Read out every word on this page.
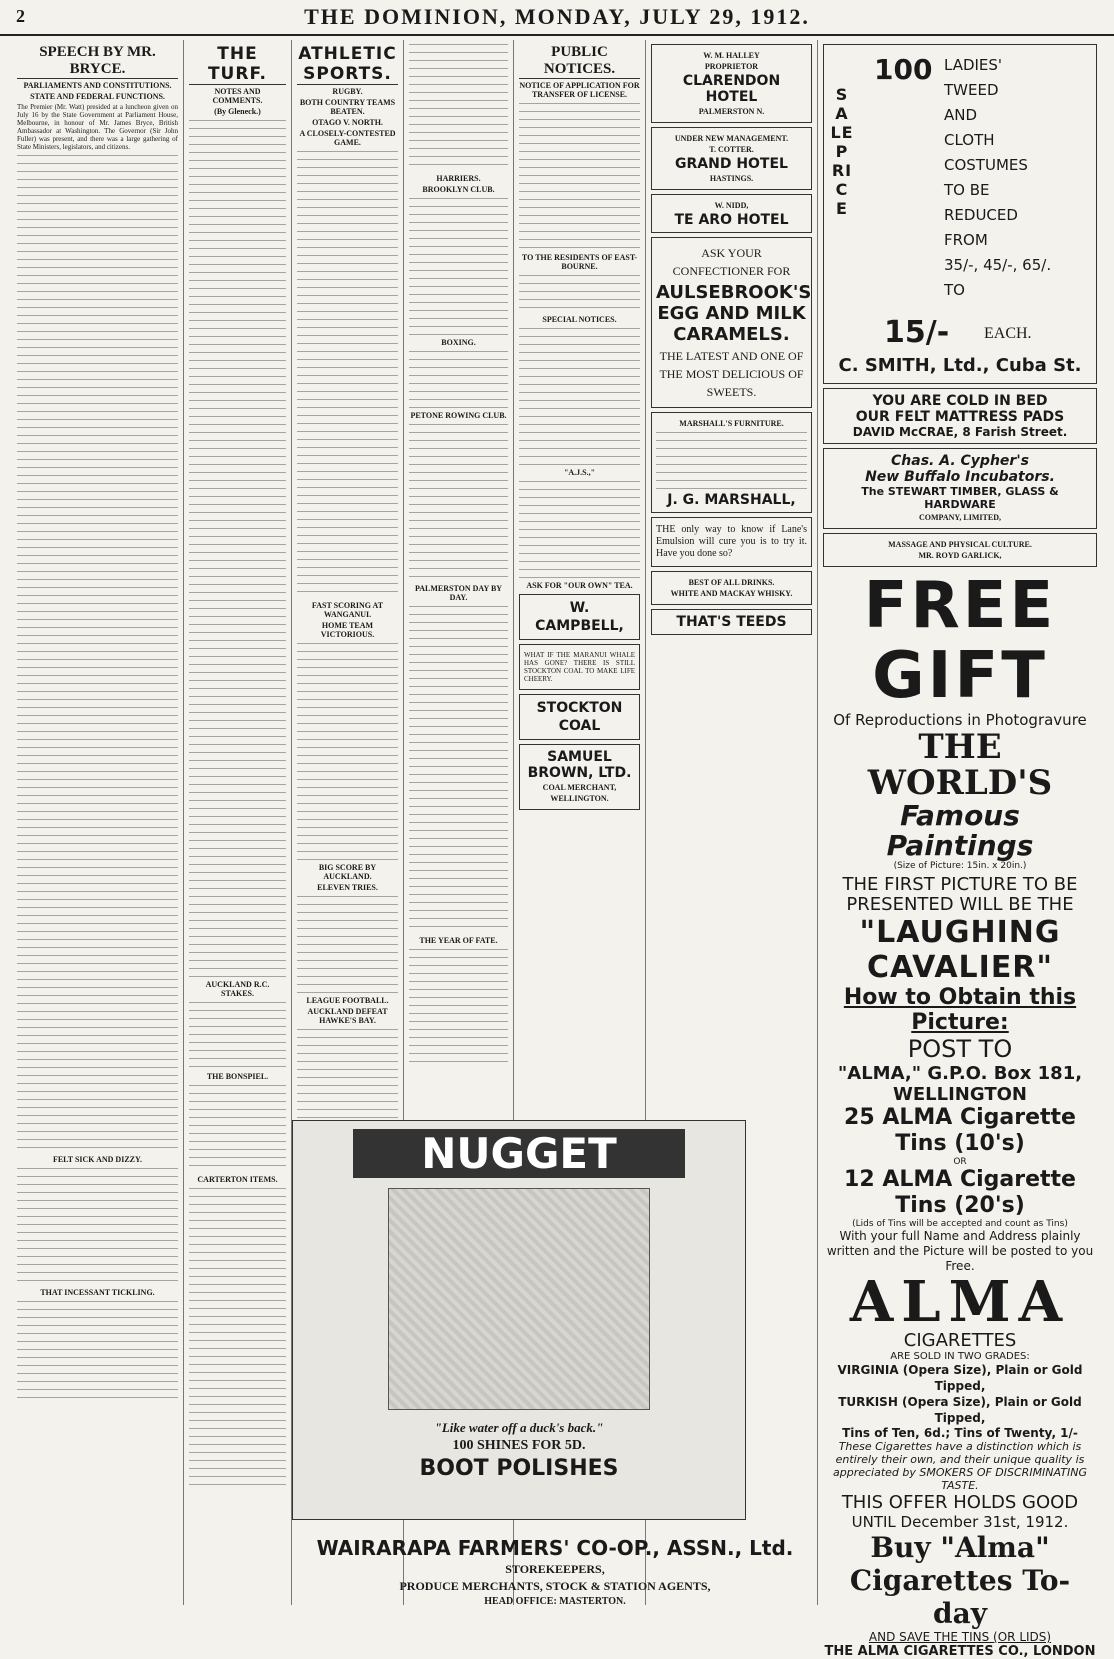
2	THE DOMINION, MONDAY, JULY 29, 1912.
SPEECH BY MR. BRYCE.
PARLIAMENTS AND CONSTITUTIONS.
STATE AND FEDERAL FUNCTIONS.
The Premier (Mr. Watt) presided at a luncheon given on July 16 by the State Government at Parliament House, Melbourne, in honour of Mr. James Bryce, British Ambassador at Washington. The Governor (Sir John Fuller) was present, and there was a large gathering of State Ministers, legislators, and citizens.
FELT SICK AND DIZZY.
THAT INCESSANT TICKLING.
THE TURF.
NOTES AND COMMENTS.
(By Gleneck.)
AUCKLAND R.C. STAKES.
THE BONSPIEL.
CARTERTON ITEMS.
ATHLETIC SPORTS.
RUGBY.
BOTH COUNTRY TEAMS BEATEN.
OTAGO V. NORTH.
A CLOSELY-CONTESTED GAME.
FAST SCORING AT WANGANUI.
HOME TEAM VICTORIOUS.
BIG SCORE BY AUCKLAND.
ELEVEN TRIES.
LEAGUE FOOTBALL.
AUCKLAND DEFEAT HAWKE'S BAY.
HARRIERS.
BROOKLYN CLUB.
BOXING.
PETONE ROWING CLUB.
PALMERSTON DAY BY DAY.
THE YEAR OF FATE.
PUBLIC NOTICES.
NOTICE OF APPLICATION FOR TRANSFER OF LICENSE.
TO THE RESIDENTS OF EAST-BOURNE.
SPECIAL NOTICES.
"A.J.S.,"
ASK FOR "OUR OWN" TEA.
W. CAMPBELL,
WHAT IF THE MARANUI WHALE HAS GONE? THERE IS STILL STOCKTON COAL TO MAKE LIFE CHEERY.
STOCKTON COAL
SAMUEL BROWN, LTD.
COAL MERCHANT,
WELLINGTON.
W. M. HALLEY
PROPRIETOR
CLARENDON HOTEL
PALMERSTON N.
UNDER NEW MANAGEMENT.
T. COTTER.
GRAND HOTEL
HASTINGS.
W. NIDD,
TE ARO HOTEL
ASK YOUR CONFECTIONER FOR
AULSEBROOK'S
EGG AND MILK
CARAMELS.
THE LATEST AND ONE OF THE MOST DELICIOUS OF SWEETS.
MARSHALL'S FURNITURE.
J. G. MARSHALL,
THE only way to know if Lane's Emulsion will cure you is to try it. Have you done so?
BEST OF ALL DRINKS.
WHITE AND MACKAY WHISKY.
THAT'S TEEDS
NUGGET
"Like water off a duck's back."
100 SHINES FOR 5D.
BOOT POLISHES
WAIRARAPA FARMERS' CO-OP., ASSN., Ltd.
STOREKEEPERS,
PRODUCE MERCHANTS, STOCK & STATION AGENTS,
HEAD OFFICE: MASTERTON.
SALE PRICE
100 LADIES'
TWEED
AND
CLOTH
COSTUMES
TO BE
REDUCED
FROM
35/-, 45/-, 65/.
TO
15/- EACH.
C. SMITH, Ltd., Cuba St.
YOU ARE COLD IN BED
OUR FELT MATTRESS PADS
DAVID McCRAE, 8 Farish Street.
Chas. A. Cypher's
New Buffalo Incubators.
The STEWART TIMBER, GLASS & HARDWARE
COMPANY, LIMITED,
MASSAGE AND PHYSICAL CULTURE.
MR. ROYD GARLICK,
FREE GIFT
Of Reproductions in Photogravure
THE WORLD'S
Famous Paintings
(Size of Picture: 15in. x 20in.)
THE FIRST PICTURE TO BE PRESENTED WILL BE THE
"LAUGHING CAVALIER"
How to Obtain this Picture:
POST TO
"ALMA," G.P.O. Box 181, WELLINGTON
25 ALMA Cigarette Tins (10's)
OR
12 ALMA Cigarette Tins (20's)
(Lids of Tins will be accepted and count as Tins)
With your full Name and Address plainly written and the Picture will be posted to you Free.
ALMA
CIGARETTES
ARE SOLD IN TWO GRADES:
VIRGINIA (Opera Size), Plain or Gold Tipped,
TURKISH (Opera Size), Plain or Gold Tipped,
Tins of Ten, 6d.; Tins of Twenty, 1/-
These Cigarettes have a distinction which is entirely their own, and their unique quality is appreciated by SMOKERS OF DISCRIMINATING TASTE.
THIS OFFER HOLDS GOOD
UNTIL December 31st, 1912.
Buy "Alma" Cigarettes To-day
AND SAVE THE TINS (OR LIDS)
THE ALMA CIGARETTES CO., LONDON
